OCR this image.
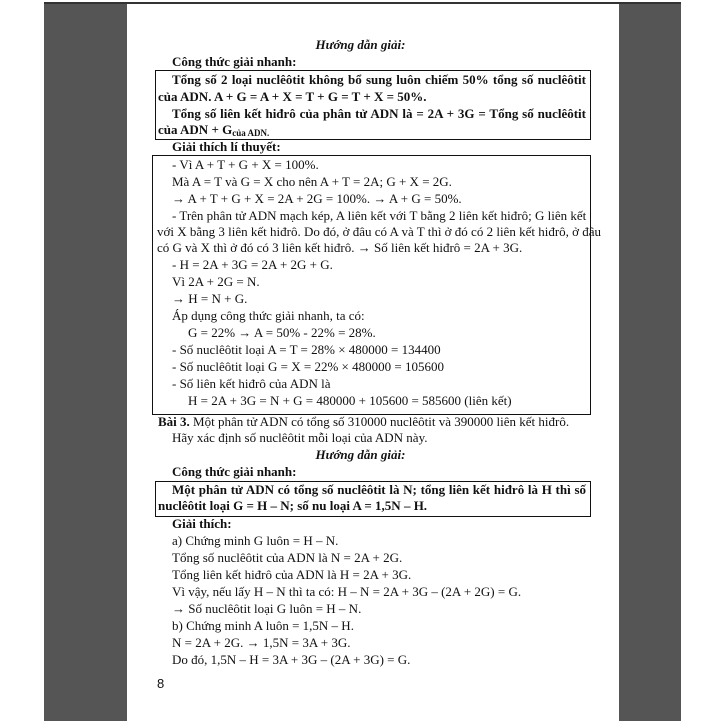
Hướng dẫn giải:
Công thức giải nhanh:
Tổng số 2 loại nuclêôtit không bổ sung luôn chiếm 50% tổng số nuclêôtit
của ADN. A + G = A + X = T + G = T + X = 50%.
Tổng số liên kết hiđrô của phân tử ADN là = 2A + 3G = Tổng số nuclêôtit
của ADN + $G_{của ADN.}$
Giải thích lí thuyết:
- Vì A + T + G + X = 100%.
Mà A = T và G = X cho nên A + T = 2A; G + X = 2G.
→ A + T + G + X = 2A + 2G = 100%. → A + G = 50%.
- Trên phân tử ADN mạch kép, A liên kết với T bằng 2 liên kết hiđrô; G liên kết
với X bằng 3 liên kết hiđrô. Do đó, ở đâu có A và T thì ở đó có 2 liên kết hiđrô, ở đâu
có G và X thì ở đó có 3 liên kết hiđrô. → Số liên kết hiđrô = 2A + 3G.
- H = 2A + 3G = 2A + 2G + G.
Vì 2A + 2G = N.
→ H = N + G.
Áp dụng công thức giải nhanh, ta có:
G = 22% → A = 50% - 22% = 28%.
- Số nuclêôtit loại A = T = 28% × 480000 = 134400
- Số nuclêôtit loại G = X = 22% × 480000 = 105600
- Số liên kết hiđrô của ADN là
H = 2A + 3G = N + G = 480000 + 105600 = 585600 (liên kết)
Bài 3. Một phân tử ADN có tổng số 310000 nuclêôtit và 390000 liên kết hiđrô.
Hãy xác định số nuclêôtit mỗi loại của ADN này.
Hướng dẫn giải:
Công thức giải nhanh:
Một phân tử ADN có tổng số nuclêôtit là N; tổng liên kết hiđrô là H thì số
nuclêôtit loại G = H – N; số nu loại A = 1,5N – H.
Giải thích:
a) Chứng minh G luôn = H – N.
Tổng số nuclêôtit của ADN là N = 2A + 2G.
Tổng liên kết hiđrô của ADN là H = 2A + 3G.
Vì vậy, nếu lấy H – N thì ta có: H – N = 2A + 3G – (2A + 2G) = G.
→ Số nuclêôtit loại G luôn = H – N.
b) Chứng minh A luôn = 1,5N – H.
N = 2A + 2G. → 1,5N = 3A + 3G.
Do đó, 1,5N – H = 3A + 3G – (2A + 3G) = G.
8
